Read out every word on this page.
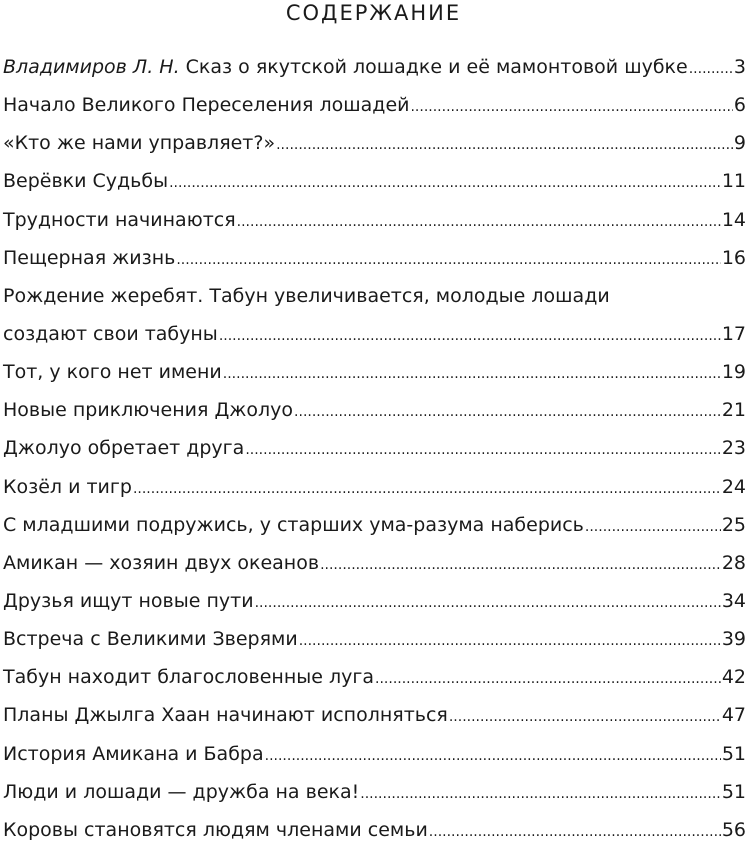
СОДЕРЖАНИЕ
Владимиров Л. Н. Сказ о якутской лошадке и её мамонтовой шубке ..... 3
Начало Великого Переселения лошадей .....	6
«Кто же нами управляет?» .....	9
Верёвки Судьбы .....	11
Трудности начинаются .....	14
Пещерная жизнь .....	16
Рождение жеребят. Табун увеличивается, молодые лошади
создают свои табуны .....	17
Тот, у кого нет имени .....	19
Новые приключения Джолуо .....	21
Джолуо обретает друга .....	23
Козёл и тигр .....	24
С младшими подружись, у старших ума-разума наберись .....	25
Амикан — хозяин двух океанов .....	28
Друзья ищут новые пути .....	34
Встреча с Великими Зверями .....	39
Табун находит благословенные луга .....	42
Планы Джылга Хаан начинают исполняться .....	47
История Амикана и Бабра .....	51
Люди и лошади — дружба на века! .....	51
Коровы становятся людям членами семьи .....	56
